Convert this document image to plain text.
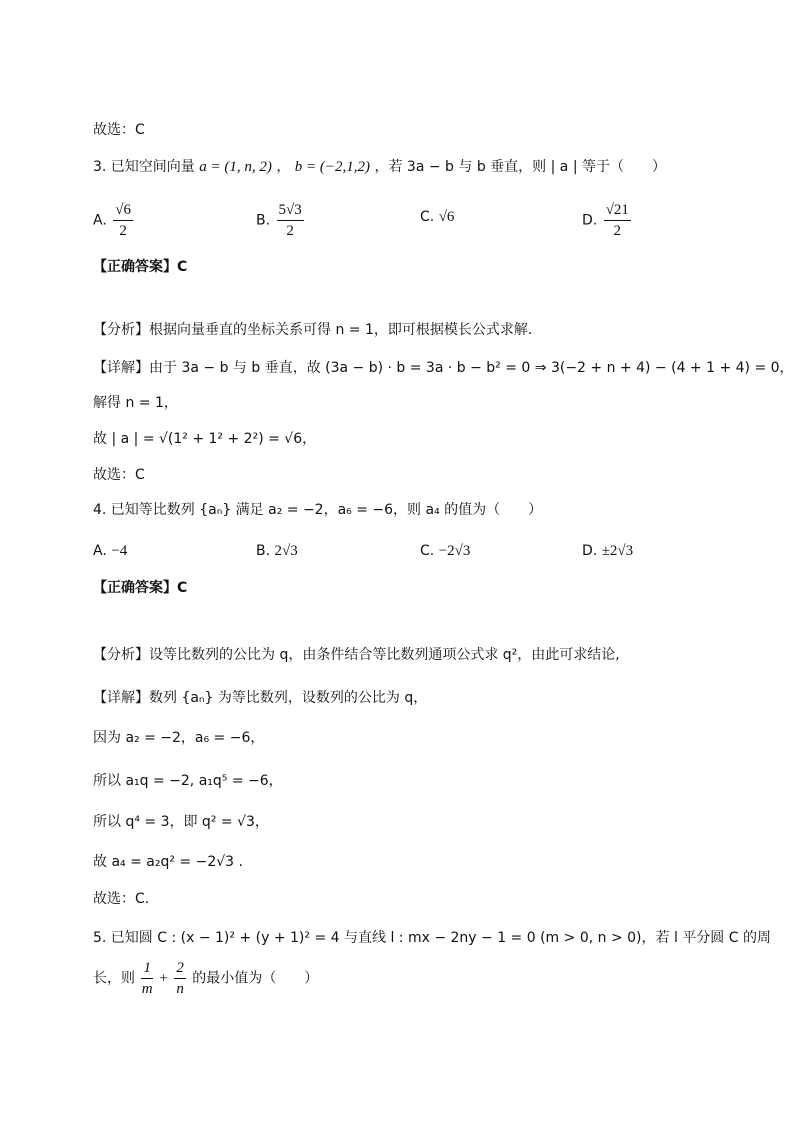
故选：C
3. 已知空间向量 a = (1, n, 2) ， b = (−2,1,2) ，若 3a − b 与 b 垂直，则 | a | 等于（　　）
A. $\frac{√6}{2}$	B. $\frac{5√3}{2}$	C. √6	D. $\frac{√21}{2}$
【正确答案】C
【分析】根据向量垂直的坐标关系可得 n = 1，即可根据模长公式求解.
【详解】由于 3a − b 与 b 垂直，故 (3a − b) · b = 3a · b − b² = 0 ⇒ 3(−2 + n + 4) − (4 + 1 + 4) = 0，
解得 n = 1，
故 | a | = √(1² + 1² + 2²) = √6，
故选：C
4. 已知等比数列 {aₙ} 满足 a₂ = −2，a₆ = −6，则 a₄ 的值为（　　）
A. −4	B. 2√3	C. −2√3	D. ±2√3
【正确答案】C
【分析】设等比数列的公比为 q，由条件结合等比数列通项公式求 q²，由此可求结论,
【详解】数列 {aₙ} 为等比数列，设数列的公比为 q，
因为 a₂ = −2，a₆ = −6，
所以 a₁q = −2, a₁q⁵ = −6，
所以 q⁴ = 3，即 q² = √3，
故 a₄ = a₂q² = −2√3 .
故选：C.
5. 已知圆 C : (x − 1)² + (y + 1)² = 4 与直线 l : mx − 2ny − 1 = 0 (m > 0, n > 0)，若 l 平分圆 C 的周
长，则 $\frac{1}{m} + \frac{2}{n}$ 的最小值为（　　）
